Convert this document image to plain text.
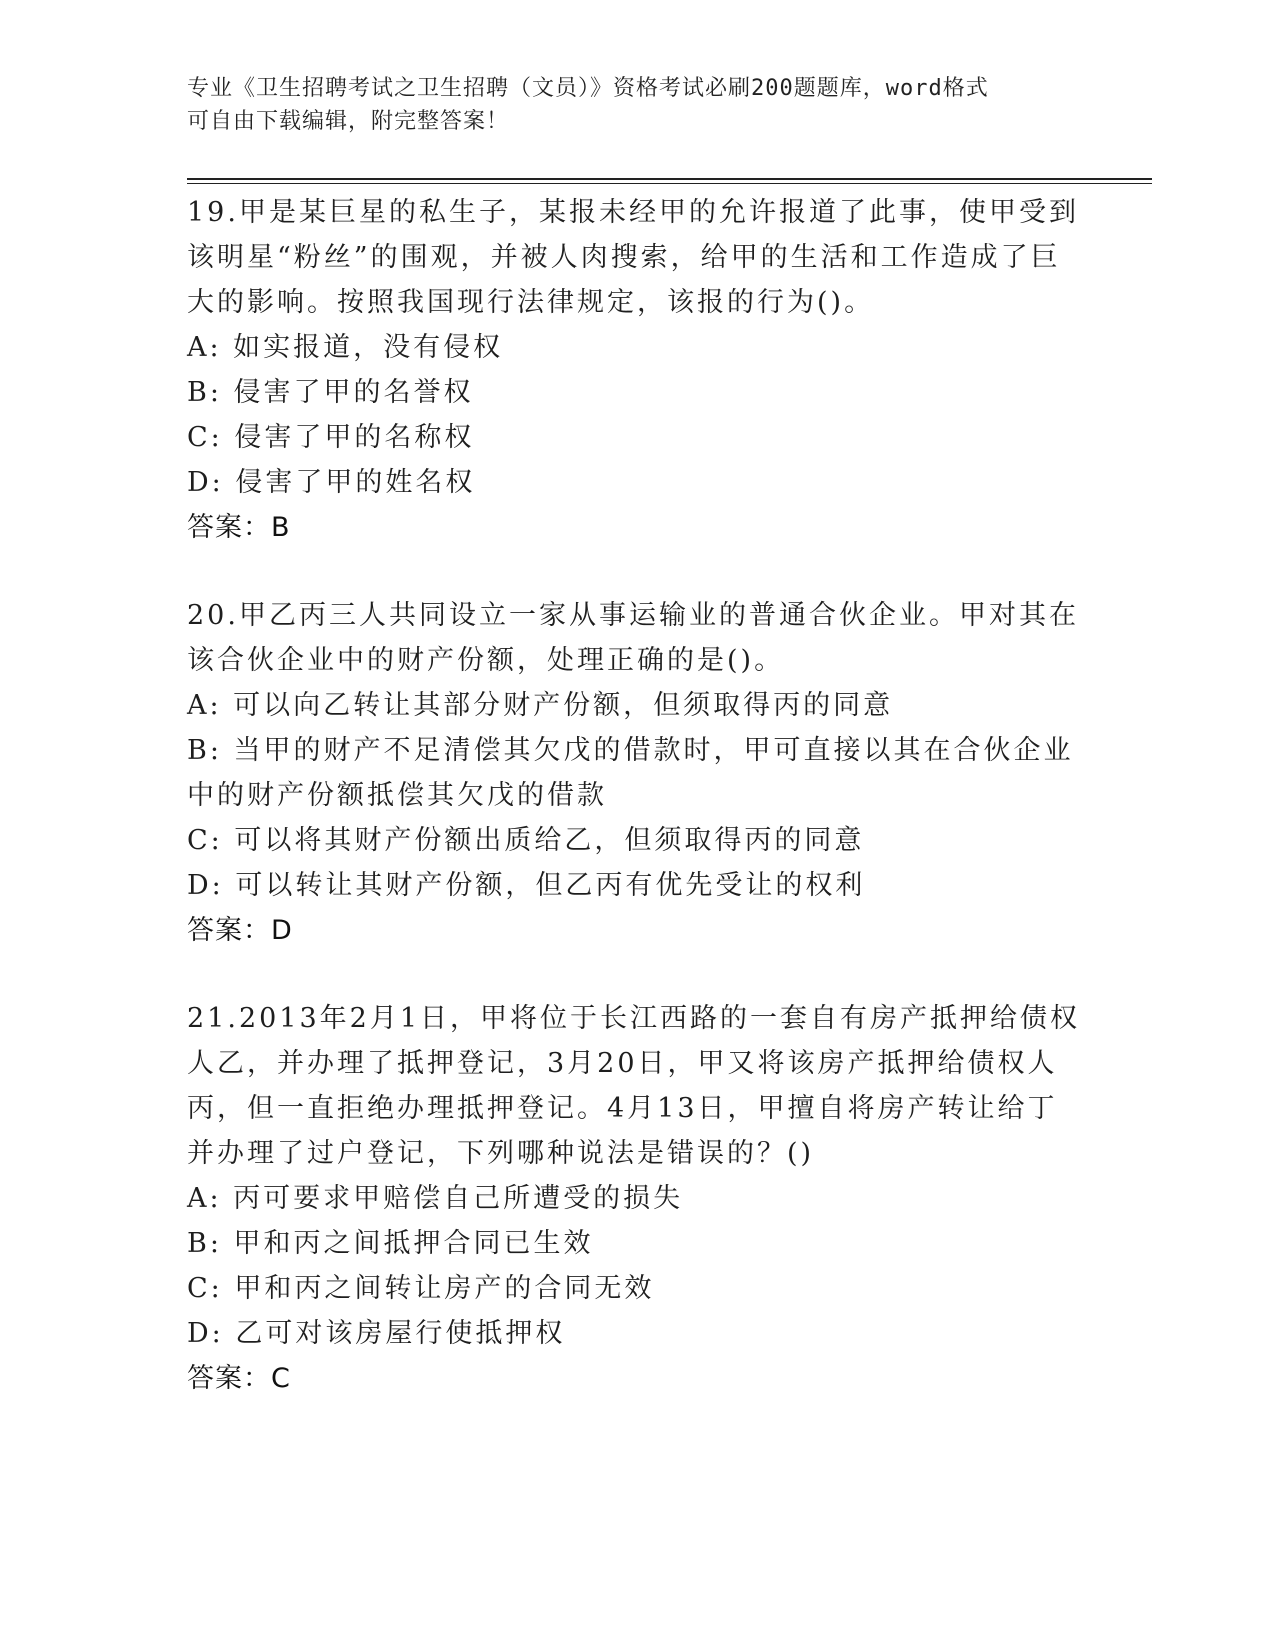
专业《卫生招聘考试之卫生招聘（文员）》资格考试必刷200题题库，word格式
可自由下载编辑，附完整答案！

19.甲是某巨星的私生子，某报未经甲的允许报道了此事，使甲受到该明星“粉丝”的围观，并被人肉搜索，给甲的生活和工作造成了巨大的影响。按照我国现行法律规定，该报的行为()。

A: 如实报道，没有侵权

B: 侵害了甲的名誉权

C: 侵害了甲的名称权

D: 侵害了甲的姓名权

答案：B

20.甲乙丙三人共同设立一家从事运输业的普通合伙企业。甲对其在该合伙企业中的财产份额，处理正确的是()。

A: 可以向乙转让其部分财产份额，但须取得丙的同意

B: 当甲的财产不足清偿其欠戊的借款时，甲可直接以其在合伙企业中的财产份额抵偿其欠戊的借款

C: 可以将其财产份额出质给乙，但须取得丙的同意

D: 可以转让其财产份额，但乙丙有优先受让的权利

答案：D

21.2013年2月1日，甲将位于长江西路的一套自有房产抵押给债权人乙，并办理了抵押登记，3月20日，甲又将该房产抵押给债权人丙，但一直拒绝办理抵押登记。4月13日，甲擅自将房产转让给丁并办理了过户登记，下列哪种说法是错误的？()

A: 丙可要求甲赔偿自己所遭受的损失

B: 甲和丙之间抵押合同已生效

C: 甲和丙之间转让房产的合同无效

D: 乙可对该房屋行使抵押权

答案：C
